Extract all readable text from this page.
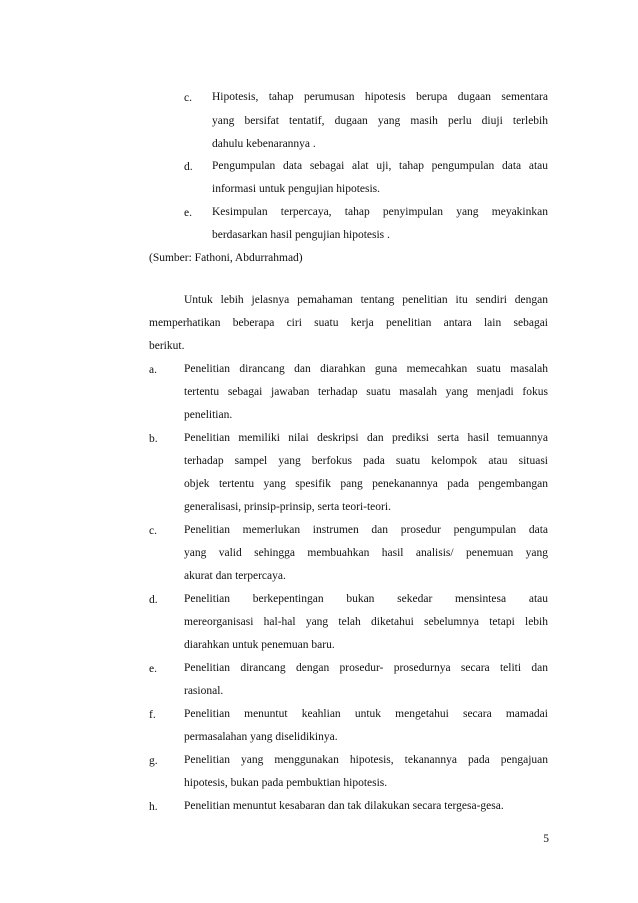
c. Hipotesis, tahap perumusan hipotesis berupa dugaan sementara
yang bersifat tentatif, dugaan yang masih perlu diuji terlebih
dahulu kebenarannya .
d. Pengumpulan data sebagai alat uji, tahap pengumpulan data atau
informasi untuk pengujian hipotesis.
e. Kesimpulan terpercaya, tahap penyimpulan yang meyakinkan
berdasarkan hasil pengujian hipotesis .
(Sumber: Fathoni, Abdurrahmad)
Untuk lebih jelasnya pemahaman tentang penelitian itu sendiri dengan
memperhatikan beberapa ciri suatu kerja penelitian antara lain sebagai
berikut.
a. Penelitian dirancang dan diarahkan guna memecahkan suatu masalah
tertentu sebagai jawaban terhadap suatu masalah yang menjadi fokus
penelitian.
b. Penelitian memiliki nilai deskripsi dan prediksi serta hasil temuannya
terhadap sampel yang berfokus pada suatu kelompok atau situasi
objek tertentu yang spesifik pang penekanannya pada pengembangan
generalisasi, prinsip-prinsip, serta teori-teori.
c. Penelitian memerlukan instrumen dan prosedur pengumpulan data
yang valid sehingga membuahkan hasil analisis/ penemuan yang
akurat dan terpercaya.
d. Penelitian berkepentingan bukan sekedar mensintesa atau
mereorganisasi hal-hal yang telah diketahui sebelumnya tetapi lebih
diarahkan untuk penemuan baru.
e. Penelitian dirancang dengan prosedur- prosedurnya secara teliti dan
rasional.
f. Penelitian menuntut keahlian untuk mengetahui secara mamadai
permasalahan yang diselidikinya.
g. Penelitian yang menggunakan hipotesis, tekanannya pada pengajuan
hipotesis, bukan pada pembuktian hipotesis.
h. Penelitian menuntut kesabaran dan tak dilakukan secara tergesa-gesa.
5
